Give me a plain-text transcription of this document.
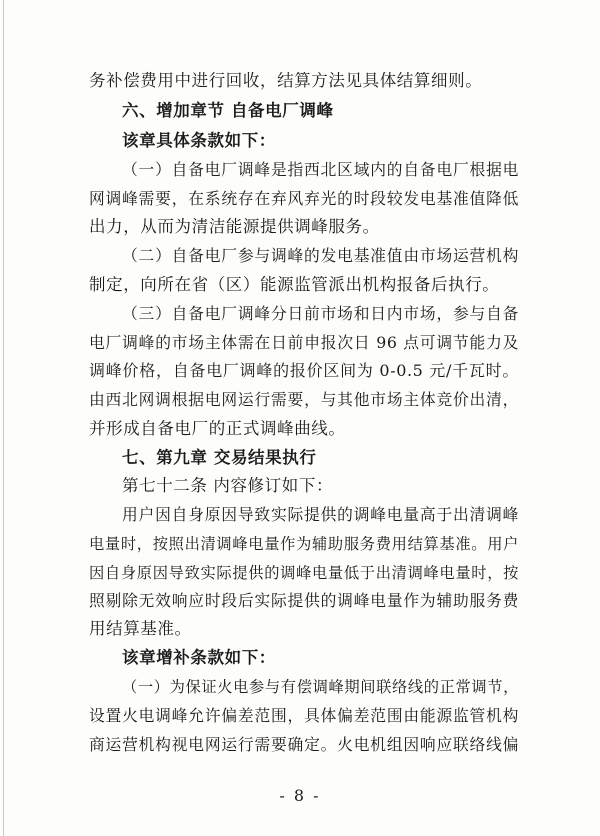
务补偿费用中进行回收，结算方法见具体结算细则。
六、增加章节 自备电厂调峰
该章具体条款如下：
（一）自备电厂调峰是指西北区域内的自备电厂根据电
网调峰需要，在系统存在弃风弃光的时段较发电基准值降低
出力，从而为清洁能源提供调峰服务。
（二）自备电厂参与调峰的发电基准值由市场运营机构
制定，向所在省（区）能源监管派出机构报备后执行。
（三）自备电厂调峰分日前市场和日内市场，参与自备
电厂调峰的市场主体需在日前申报次日 96 点可调节能力及
调峰价格，自备电厂调峰的报价区间为 0-0.5 元/千瓦时。
由西北网调根据电网运行需要，与其他市场主体竞价出清，
并形成自备电厂的正式调峰曲线。
七、第九章 交易结果执行
第七十二条 内容修订如下：
用户因自身原因导致实际提供的调峰电量高于出清调峰
电量时，按照出清调峰电量作为辅助服务费用结算基准。用户
因自身原因导致实际提供的调峰电量低于出清调峰电量时，按
照剔除无效响应时段后实际提供的调峰电量作为辅助服务费
用结算基准。
该章增补条款如下：
（一）为保证火电参与有偿调峰期间联络线的正常调节，
设置火电调峰允许偏差范围，具体偏差范围由能源监管机构
商运营机构视电网运行需要确定。火电机组因响应联络线偏
- 8 -
